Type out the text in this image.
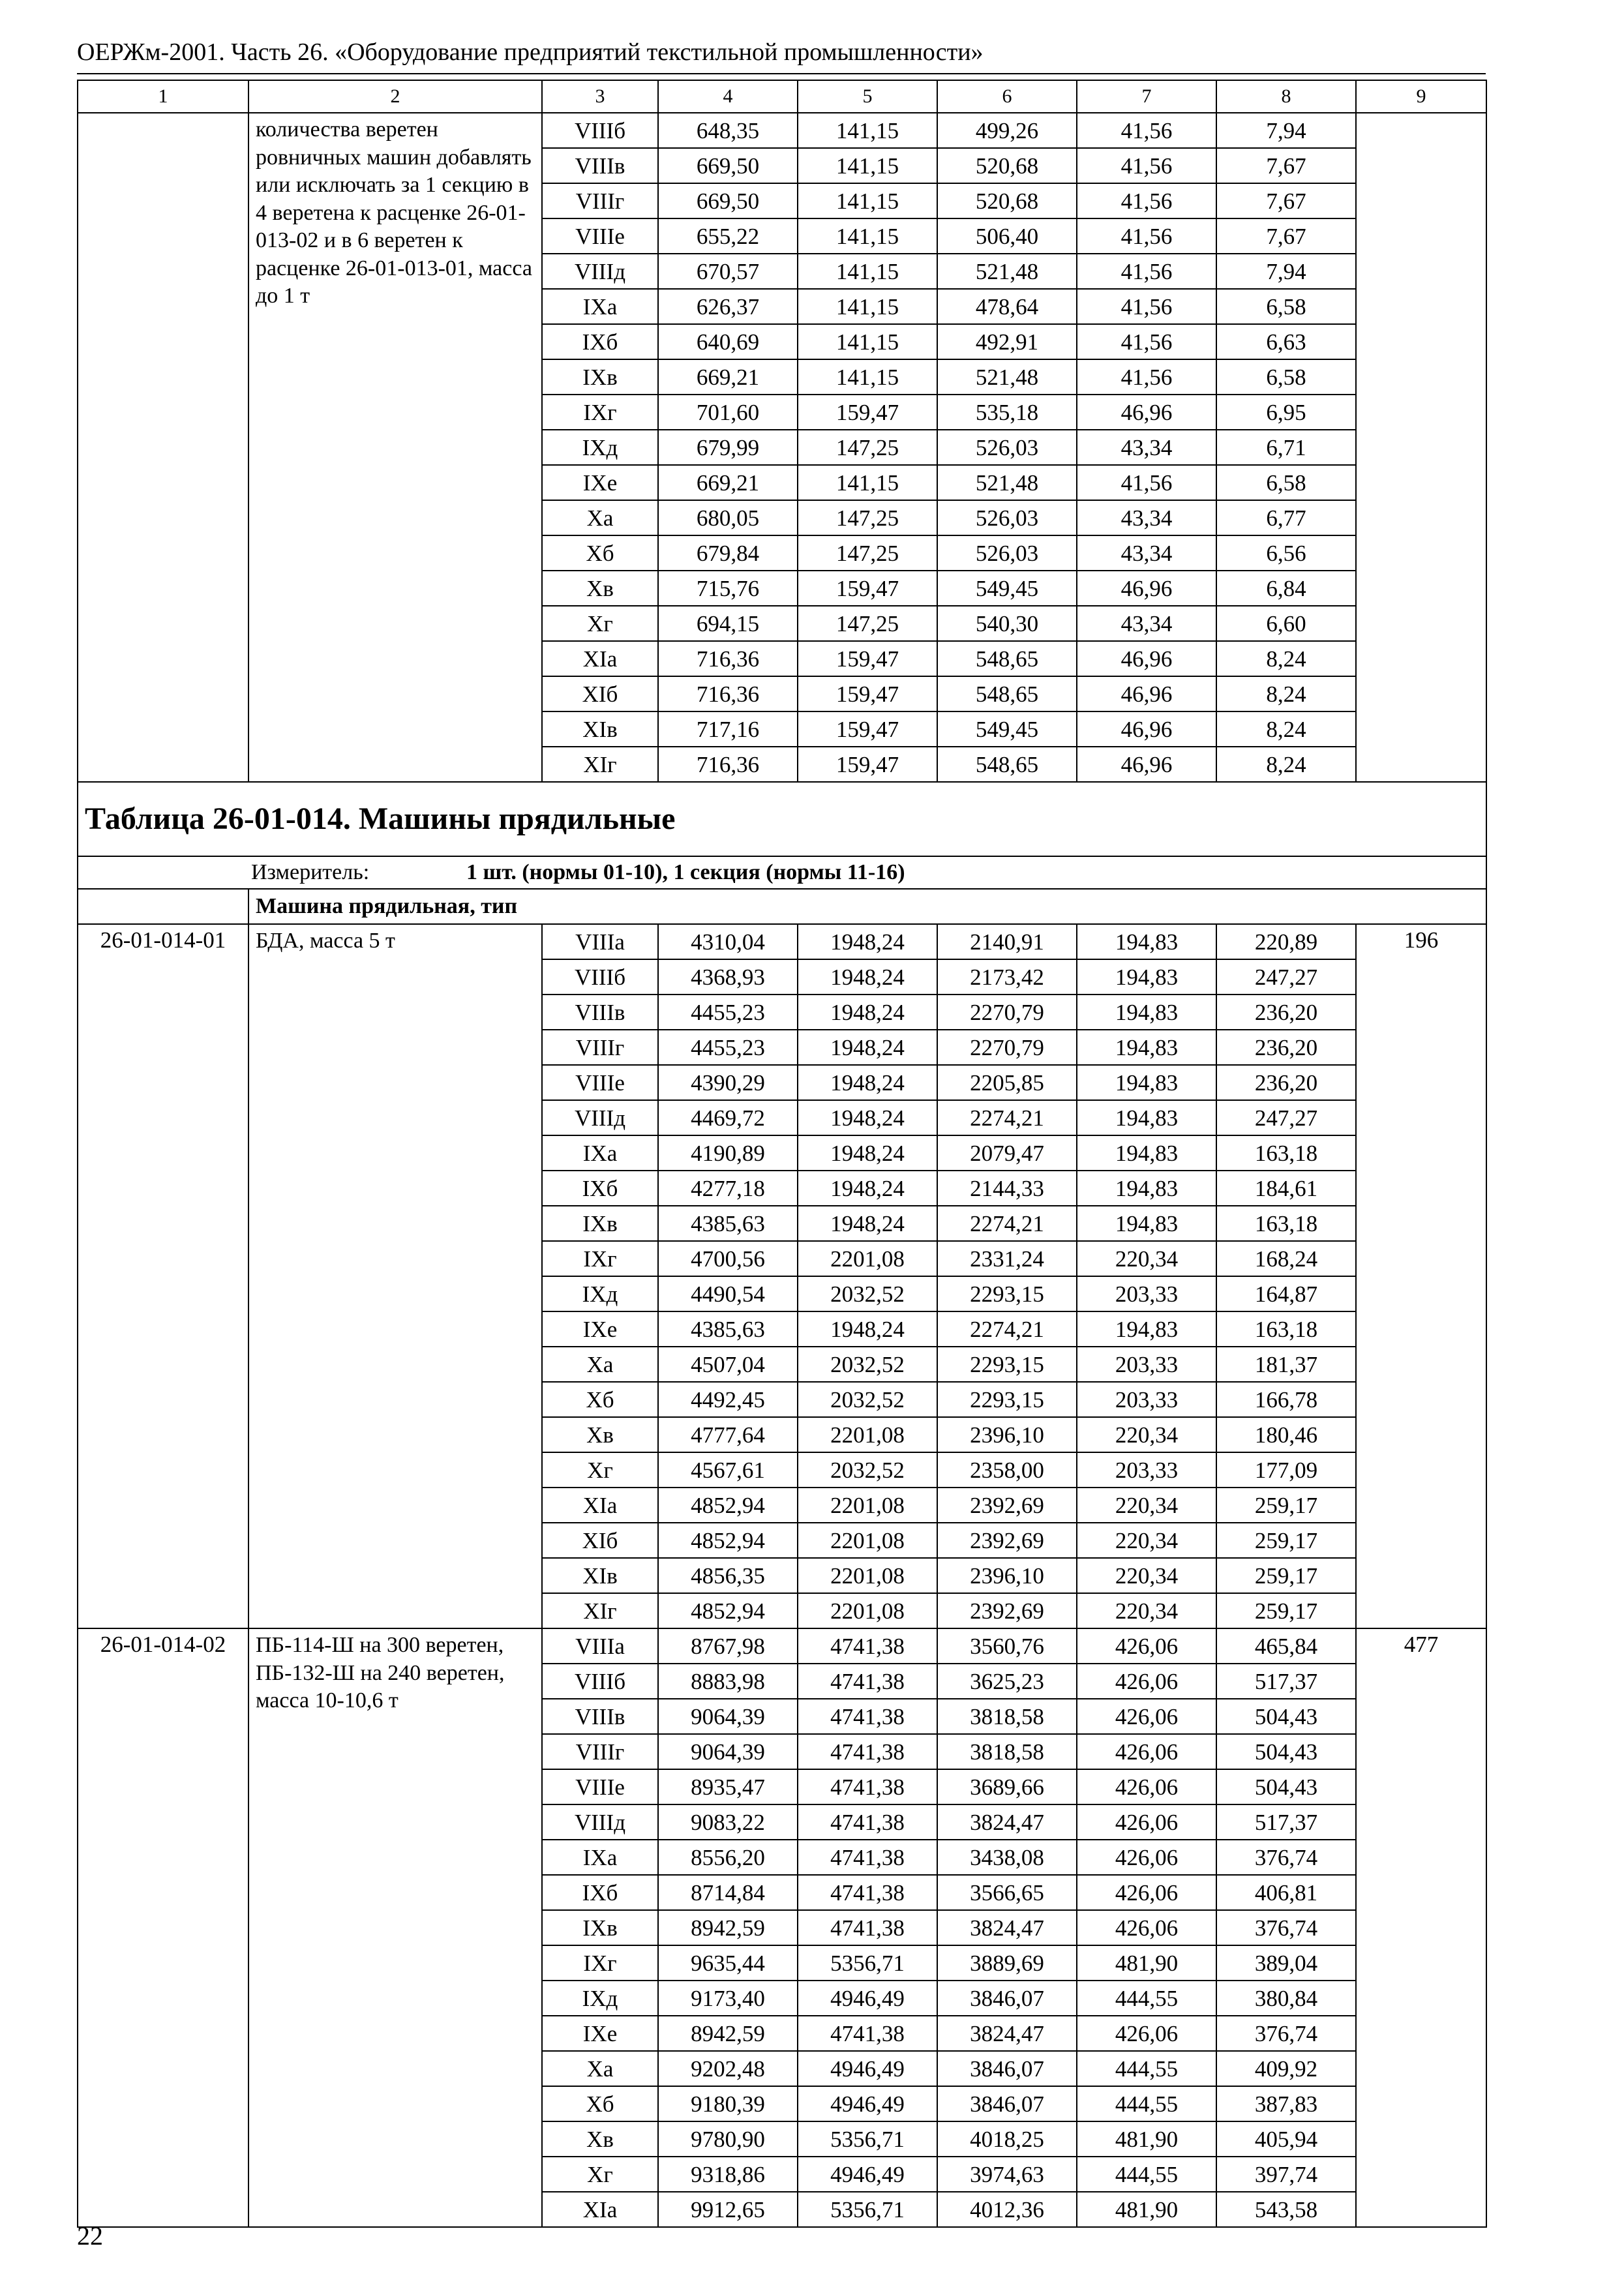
ОЕРЖм-2001. Часть 26. «Оборудование предприятий текстильной промышленности»
1	2	3	4	5	6	7	8	9
	количества веретен ровничных машин добавлять или исключать за 1 секцию в 4 веретена к расценке 26-01-013-02 и в 6 веретен к расценке 26-01-013-01, масса до 1 т	VIIIб	648,35	141,15	499,26	41,56	7,94	
		VIIIв	669,50	141,15	520,68	41,56	7,67	
		VIIIг	669,50	141,15	520,68	41,56	7,67	
		VIIIе	655,22	141,15	506,40	41,56	7,67	
		VIIIд	670,57	141,15	521,48	41,56	7,94	
		IXа	626,37	141,15	478,64	41,56	6,58	
		IXб	640,69	141,15	492,91	41,56	6,63	
		IXв	669,21	141,15	521,48	41,56	6,58	
		IXг	701,60	159,47	535,18	46,96	6,95	
		IXд	679,99	147,25	526,03	43,34	6,71	
		IXе	669,21	141,15	521,48	41,56	6,58	
		Xа	680,05	147,25	526,03	43,34	6,77	
		Xб	679,84	147,25	526,03	43,34	6,56	
		Xв	715,76	159,47	549,45	46,96	6,84	
		Xг	694,15	147,25	540,30	43,34	6,60	
		XIа	716,36	159,47	548,65	46,96	8,24	
		XIб	716,36	159,47	548,65	46,96	8,24	
		XIв	717,16	159,47	549,45	46,96	8,24	
		XIг	716,36	159,47	548,65	46,96	8,24	
Таблица 26-01-014. Машины прядильные								
Измеритель: 1 шт. (нормы 01-10), 1 секция (нормы 11-16)								
	Машина прядильная, тип							
26-01-014-01	БДА, масса 5 т	VIIIа	4310,04	1948,24	2140,91	194,83	220,89	196
		VIIIб	4368,93	1948,24	2173,42	194,83	247,27	
		VIIIв	4455,23	1948,24	2270,79	194,83	236,20	
		VIIIг	4455,23	1948,24	2270,79	194,83	236,20	
		VIIIе	4390,29	1948,24	2205,85	194,83	236,20	
		VIIIд	4469,72	1948,24	2274,21	194,83	247,27	
		IXа	4190,89	1948,24	2079,47	194,83	163,18	
		IXб	4277,18	1948,24	2144,33	194,83	184,61	
		IXв	4385,63	1948,24	2274,21	194,83	163,18	
		IXг	4700,56	2201,08	2331,24	220,34	168,24	
		IXд	4490,54	2032,52	2293,15	203,33	164,87	
		IXе	4385,63	1948,24	2274,21	194,83	163,18	
		Xа	4507,04	2032,52	2293,15	203,33	181,37	
		Xб	4492,45	2032,52	2293,15	203,33	166,78	
		Xв	4777,64	2201,08	2396,10	220,34	180,46	
		Xг	4567,61	2032,52	2358,00	203,33	177,09	
		XIа	4852,94	2201,08	2392,69	220,34	259,17	
		XIб	4852,94	2201,08	2392,69	220,34	259,17	
		XIв	4856,35	2201,08	2396,10	220,34	259,17	
		XIг	4852,94	2201,08	2392,69	220,34	259,17	
26-01-014-02	ПБ-114-Ш на 300 веретен, ПБ-132-Ш на 240 веретен, масса 10-10,6 т	VIIIа	8767,98	4741,38	3560,76	426,06	465,84	477
		VIIIб	8883,98	4741,38	3625,23	426,06	517,37	
		VIIIв	9064,39	4741,38	3818,58	426,06	504,43	
		VIIIг	9064,39	4741,38	3818,58	426,06	504,43	
		VIIIе	8935,47	4741,38	3689,66	426,06	504,43	
		VIIIд	9083,22	4741,38	3824,47	426,06	517,37	
		IXа	8556,20	4741,38	3438,08	426,06	376,74	
		IXб	8714,84	4741,38	3566,65	426,06	406,81	
		IXв	8942,59	4741,38	3824,47	426,06	376,74	
		IXг	9635,44	5356,71	3889,69	481,90	389,04	
		IXд	9173,40	4946,49	3846,07	444,55	380,84	
		IXе	8942,59	4741,38	3824,47	426,06	376,74	
		Xа	9202,48	4946,49	3846,07	444,55	409,92	
		Xб	9180,39	4946,49	3846,07	444,55	387,83	
		Xв	9780,90	5356,71	4018,25	481,90	405,94	
		Xг	9318,86	4946,49	3974,63	444,55	397,74	
		XIа	9912,65	5356,71	4012,36	481,90	543,58	
22
